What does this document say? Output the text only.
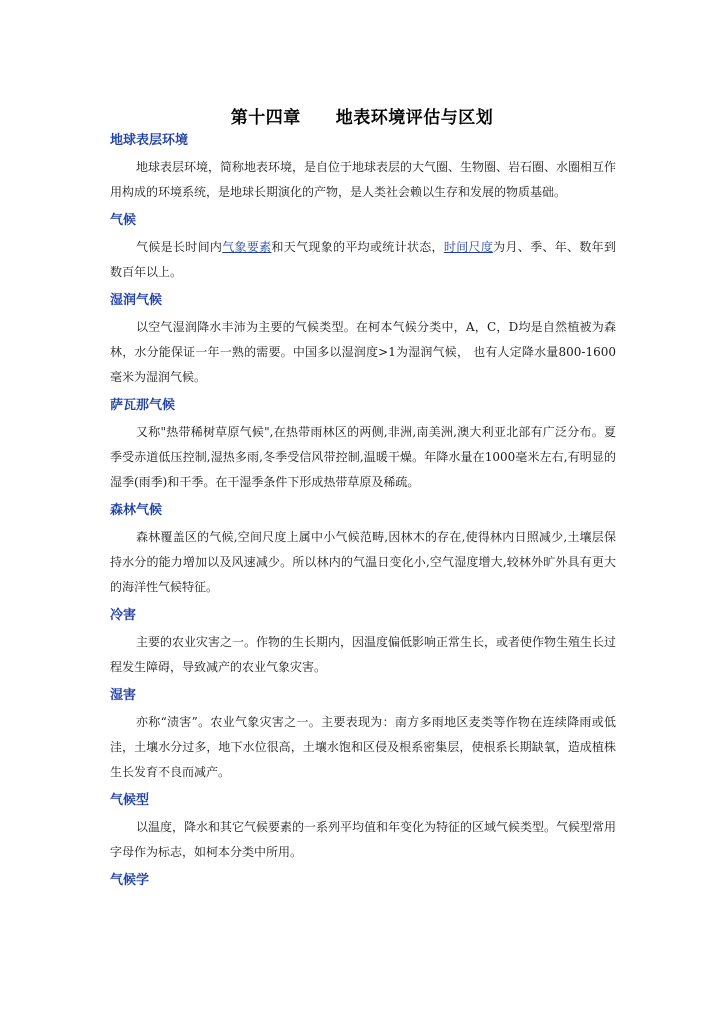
第十四章　　地表环境评估与区划
地球表层环境

地球表层环境，简称地表环境，是自位于地球表层的大气圈、生物圈、岩石圈、水圈相互作用构成的环境系统，是地球长期演化的产物，是人类社会赖以生存和发展的物质基础。

气候

气候是长时间内气象要素和天气现象的平均或统计状态，时间尺度为月、季、年、数年到数百年以上。

湿润气候

以空气湿润降水丰沛为主要的气候类型。在柯本气候分类中，A，C，D均是自然植被为森林，水分能保证一年一熟的需要。中国多以湿润度>1为湿润气候， 也有人定降水量800-1600毫米为湿润气候。

萨瓦那气候

又称"热带稀树草原气候",在热带雨林区的两侧,非洲,南美洲,澳大利亚北部有广泛分布。夏季受赤道低压控制,湿热多雨,冬季受信风带控制,温暖干燥。年降水量在1000毫米左右,有明显的湿季(雨季)和干季。在干湿季条件下形成热带草原及稀疏。

森林气候

森林覆盖区的气候,空间尺度上属中小气候范畴,因林木的存在,使得林内日照减少,土壤层保持水分的能力增加以及风速减少。所以林内的气温日变化小,空气湿度增大,较林外旷外具有更大的海洋性气候特征。

冷害

主要的农业灾害之一。作物的生长期内，因温度偏低影响正常生长，或者使作物生殖生长过程发生障碍，导致减产的农业气象灾害。

湿害

亦称“渍害”。农业气象灾害之一。主要表现为：南方多雨地区麦类等作物在连续降雨或低洼，土壤水分过多，地下水位很高，土壤水饱和区侵及根系密集层，使根系长期缺氧，造成植株生长发育不良而减产。

气候型

以温度，降水和其它气候要素的一系列平均值和年变化为特征的区域气候类型。气候型常用字母作为标志，如柯本分类中所用。

气候学
